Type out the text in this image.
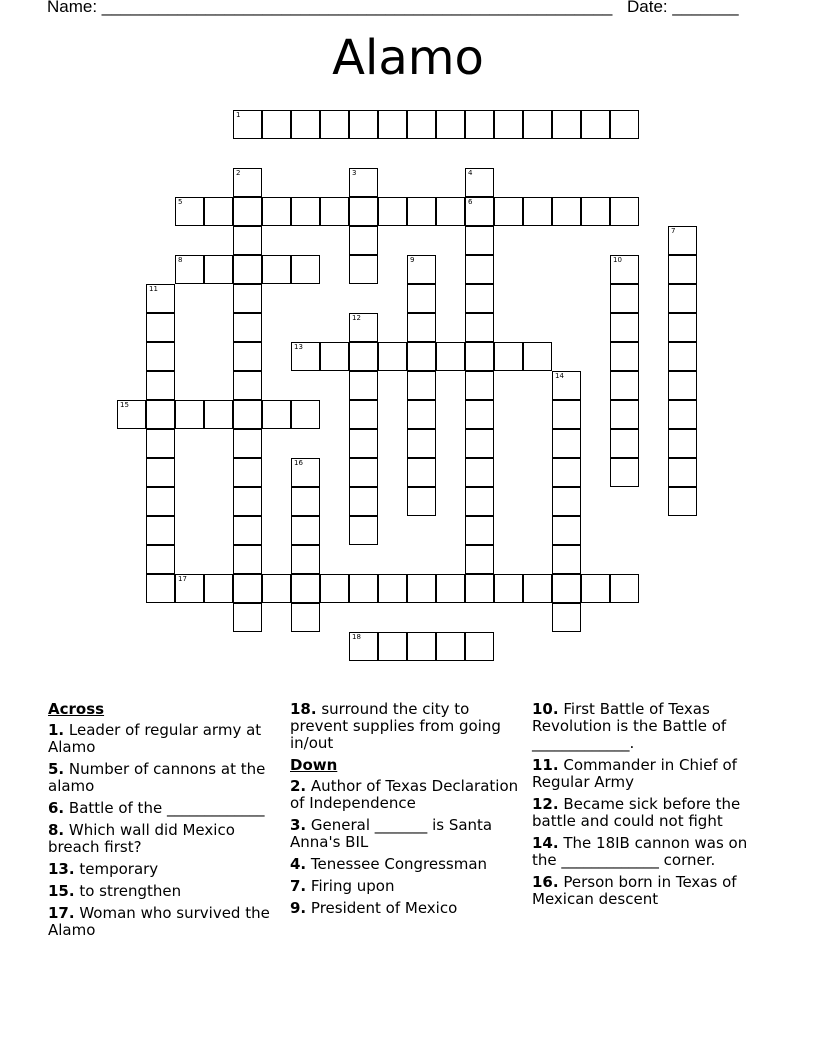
Name: ______________________________________________________ Date: _______
Alamo
1
2	3	4
6
5
7
8	9	10
11
12
13
14
15
16
17
18
Across
1. Leader of regular army at Alamo
5. Number of cannons at the alamo
6. Battle of the _____________
8. Which wall did Mexico breach first?
13. temporary
15. to strengthen
17. Woman who survived the Alamo
18. surround the city to prevent supplies from going in/out
Down
2. Author of Texas Declaration of Independence
3. General _______ is Santa Anna's BIL
4. Tenessee Congressman
7. Firing upon
9. President of Mexico
10. First Battle of Texas Revolution is the Battle of _____________.
11. Commander in Chief of Regular Army
12. Became sick before the battle and could not fight
14. The 18IB cannon was on the _____________ corner.
16. Person born in Texas of Mexican descent
